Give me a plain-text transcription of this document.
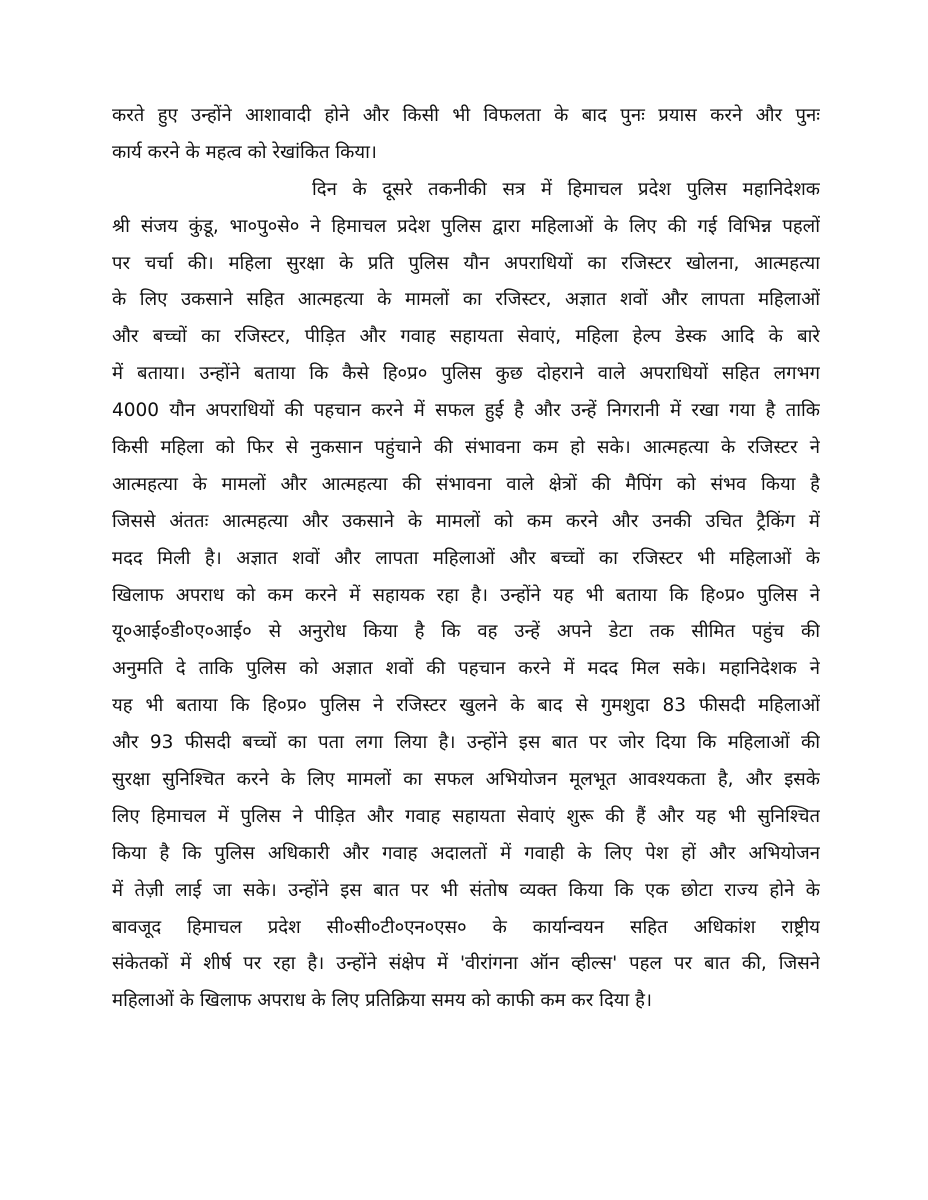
करते हुए उन्होंने आशावादी होने और किसी भी विफलता के बाद पुनः प्रयास करने और पुनः
कार्य करने के महत्व को रेखांकित किया।
दिन के दूसरे तकनीकी सत्र में हिमाचल प्रदेश पुलिस महानिदेशक
श्री संजय कुंडू, भा०पु०से० ने हिमाचल प्रदेश पुलिस द्वारा महिलाओं के लिए की गई विभिन्न पहलों
पर चर्चा की। महिला सुरक्षा के प्रति पुलिस यौन अपराधियों का रजिस्टर खोलना, आत्महत्या
के लिए उकसाने सहित आत्महत्या के मामलों का रजिस्टर, अज्ञात शवों और लापता महिलाओं
और बच्चों का रजिस्टर, पीड़ित और गवाह सहायता सेवाएं, महिला हेल्प डेस्क आदि के बारे
में बताया। उन्होंने बताया कि कैसे हि०प्र० पुलिस कुछ दोहराने वाले अपराधियों सहित लगभग
4000 यौन अपराधियों की पहचान करने में सफल हुई है और उन्हें निगरानी में रखा गया है ताकि
किसी महिला को फिर से नुकसान पहुंचाने की संभावना कम हो सके। आत्महत्या के रजिस्टर ने
आत्महत्या के मामलों और आत्महत्या की संभावना वाले क्षेत्रों की मैपिंग को संभव किया है
जिससे अंततः आत्महत्या और उकसाने के मामलों को कम करने और उनकी उचित ट्रैकिंग में
मदद मिली है। अज्ञात शवों और लापता महिलाओं और बच्चों का रजिस्टर भी महिलाओं के
खिलाफ अपराध को कम करने में सहायक रहा है। उन्होंने यह भी बताया कि हि०प्र० पुलिस ने
यू०आई०डी०ए०आई० से अनुरोध किया है कि वह उन्हें अपने डेटा तक सीमित पहुंच की
अनुमति दे ताकि पुलिस को अज्ञात शवों की पहचान करने में मदद मिल सके। महानिदेशक ने
यह भी बताया कि हि०प्र० पुलिस ने रजिस्टर खुलने के बाद से गुमशुदा 83 फीसदी महिलाओं
और 93 फीसदी बच्चों का पता लगा लिया है। उन्होंने इस बात पर जोर दिया कि महिलाओं की
सुरक्षा सुनिश्चित करने के लिए मामलों का सफल अभियोजन मूलभूत आवश्यकता है, और इसके
लिए हिमाचल में पुलिस ने पीड़ित और गवाह सहायता सेवाएं शुरू की हैं और यह भी सुनिश्चित
किया है कि पुलिस अधिकारी और गवाह अदालतों में गवाही के लिए पेश हों और अभियोजन
में तेज़ी लाई जा सके। उन्होंने इस बात पर भी संतोष व्यक्त किया कि एक छोटा राज्य होने के
बावजूद हिमाचल प्रदेश सी०सी०टी०एन०एस० के कार्यान्वयन सहित अधिकांश राष्ट्रीय
संकेतकों में शीर्ष पर रहा है। उन्होंने संक्षेप में 'वीरांगना ऑन व्हील्स' पहल पर बात की, जिसने
महिलाओं के खिलाफ अपराध के लिए प्रतिक्रिया समय को काफी कम कर दिया है।
